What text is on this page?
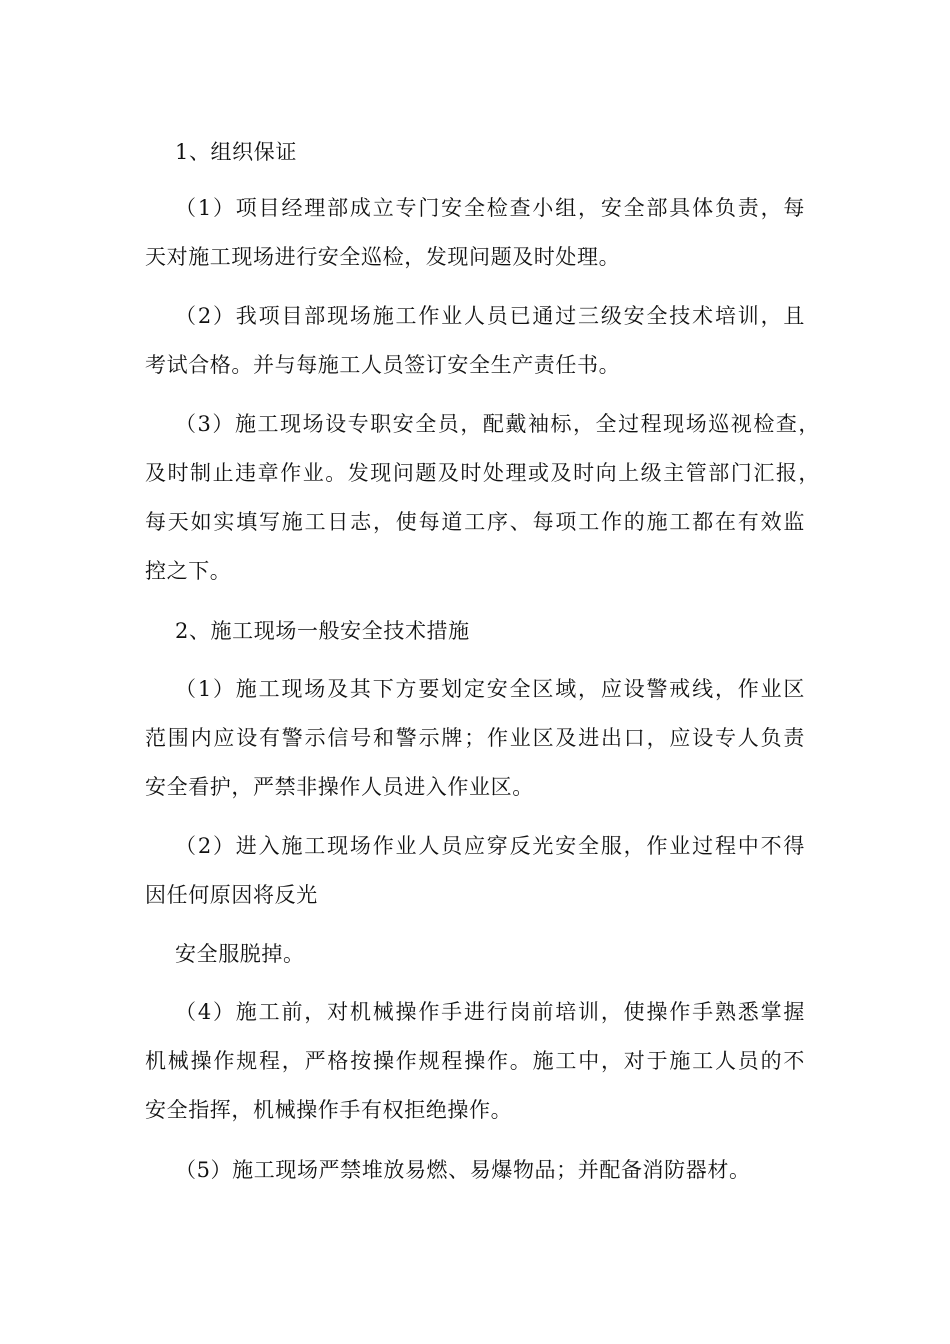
1、组织保证
（1）项目经理部成立专门安全检查小组，安全部具体负责，每
天对施工现场进行安全巡检，发现问题及时处理。
（2）我项目部现场施工作业人员已通过三级安全技术培训，且
考试合格。并与每施工人员签订安全生产责任书。
（3）施工现场设专职安全员，配戴袖标，全过程现场巡视检查，
及时制止违章作业。发现问题及时处理或及时向上级主管部门汇报，
每天如实填写施工日志，使每道工序、每项工作的施工都在有效监
控之下。
2、施工现场一般安全技术措施
（1）施工现场及其下方要划定安全区域，应设警戒线，作业区
范围内应设有警示信号和警示牌；作业区及进出口，应设专人负责
安全看护，严禁非操作人员进入作业区。
（2）进入施工现场作业人员应穿反光安全服，作业过程中不得
因任何原因将反光
安全服脱掉。
（4）施工前，对机械操作手进行岗前培训，使操作手熟悉掌握
机械操作规程，严格按操作规程操作。施工中，对于施工人员的不
安全指挥，机械操作手有权拒绝操作。
（5）施工现场严禁堆放易燃、易爆物品；并配备消防器材。
